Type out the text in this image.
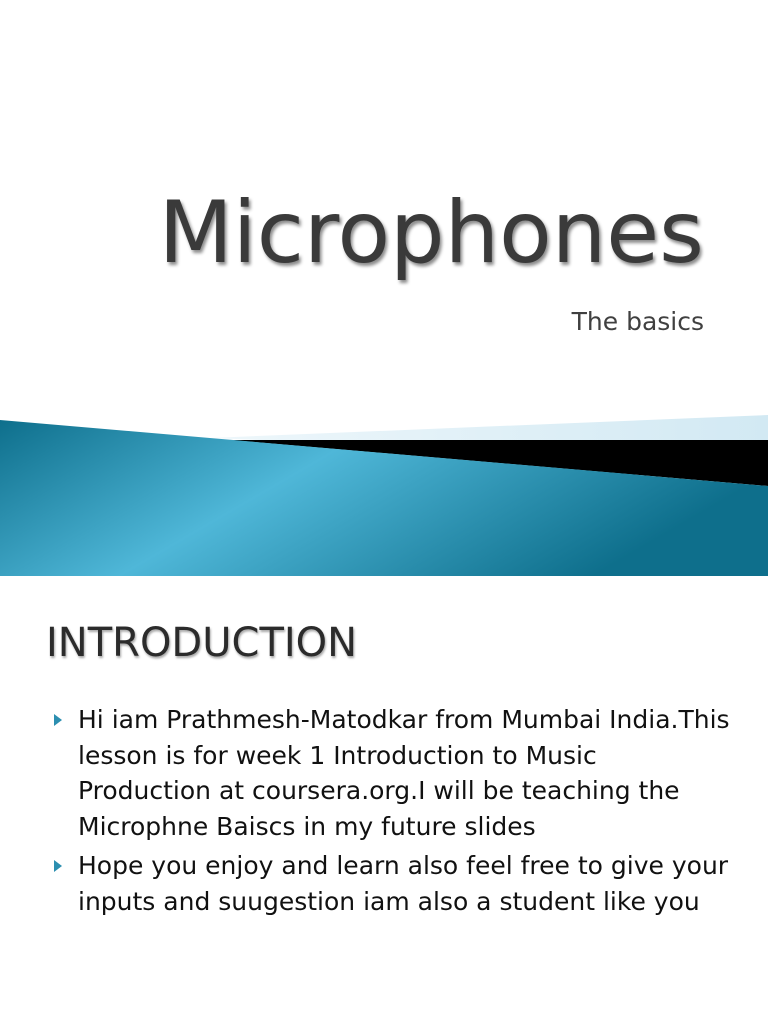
Microphones
The basics
INTRODUCTION
Hi iam Prathmesh-Matodkar from Mumbai India.This lesson is for week 1 Introduction to Music Production at coursera.org.I will be teaching the Microphne Baiscs in my future slides
Hope you enjoy and learn also feel free to give your inputs and suugestion iam also a student like you
